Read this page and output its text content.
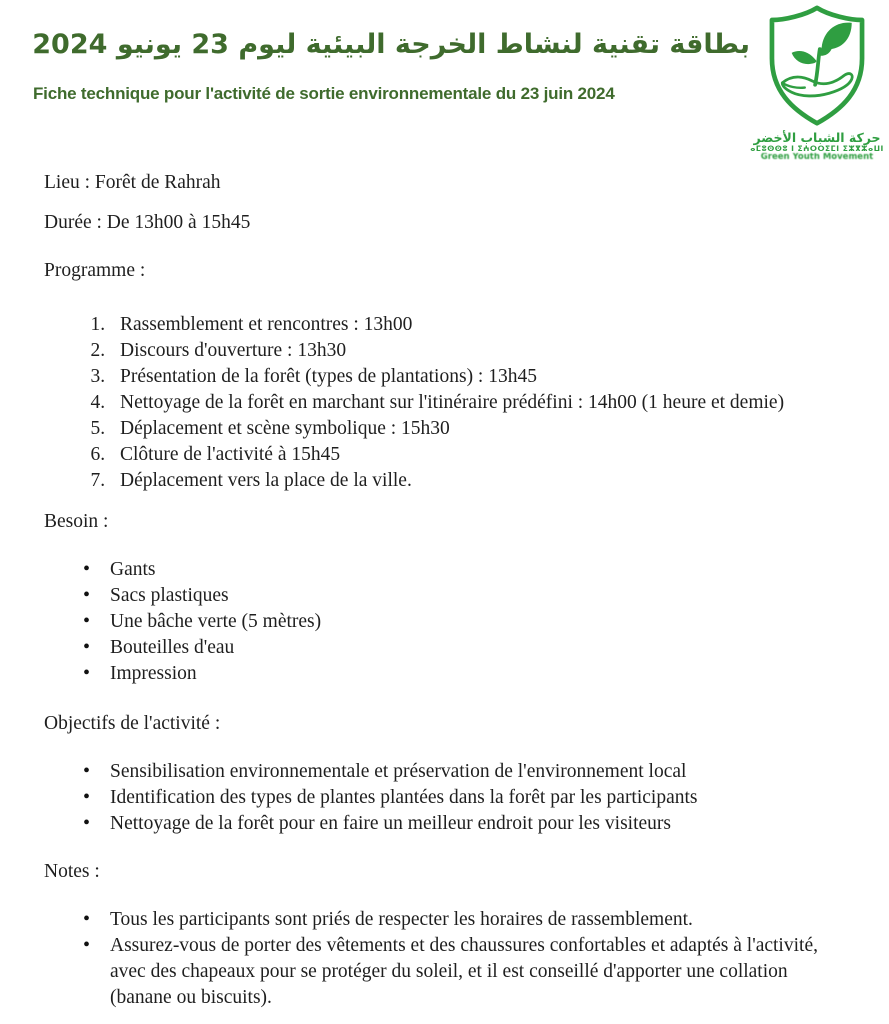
بطاقة تقنية لنشاط الخرجة البيئية ليوم 23 يونيو 2024
Fiche technique pour l'activité de sortie environnementale du 23 juin 2024
حركة الشباب الأخضر
ⴰⵎⵓⵙⵙⵓ ⵏ ⵉⵄⵔⵔⵉⵎⵏ ⵉⵣⴳⵣⴰⵡⵏ
Green Youth Movement

Lieu : Forêt de Rahrah

Durée : De 13h00 à 15h45

Programme :

1. Rassemblement et rencontres : 13h00
2. Discours d'ouverture : 13h30
3. Présentation de la forêt (types de plantations) : 13h45
4. Nettoyage de la forêt en marchant sur l'itinéraire prédéfini : 14h00 (1 heure et demie)
5. Déplacement et scène symbolique : 15h30
6. Clôture de l'activité à 15h45
7. Déplacement vers la place de la ville.

Besoin :

• Gants
• Sacs plastiques
• Une bâche verte (5 mètres)
• Bouteilles d'eau
• Impression

Objectifs de l'activité :

• Sensibilisation environnementale et préservation de l'environnement local
• Identification des types de plantes plantées dans la forêt par les participants
• Nettoyage de la forêt pour en faire un meilleur endroit pour les visiteurs

Notes :

• Tous les participants sont priés de respecter les horaires de rassemblement.
• Assurez-vous de porter des vêtements et des chaussures confortables et adaptés à l'activité, avec des chapeaux pour se protéger du soleil, et il est conseillé d'apporter une collation (banane ou biscuits).
